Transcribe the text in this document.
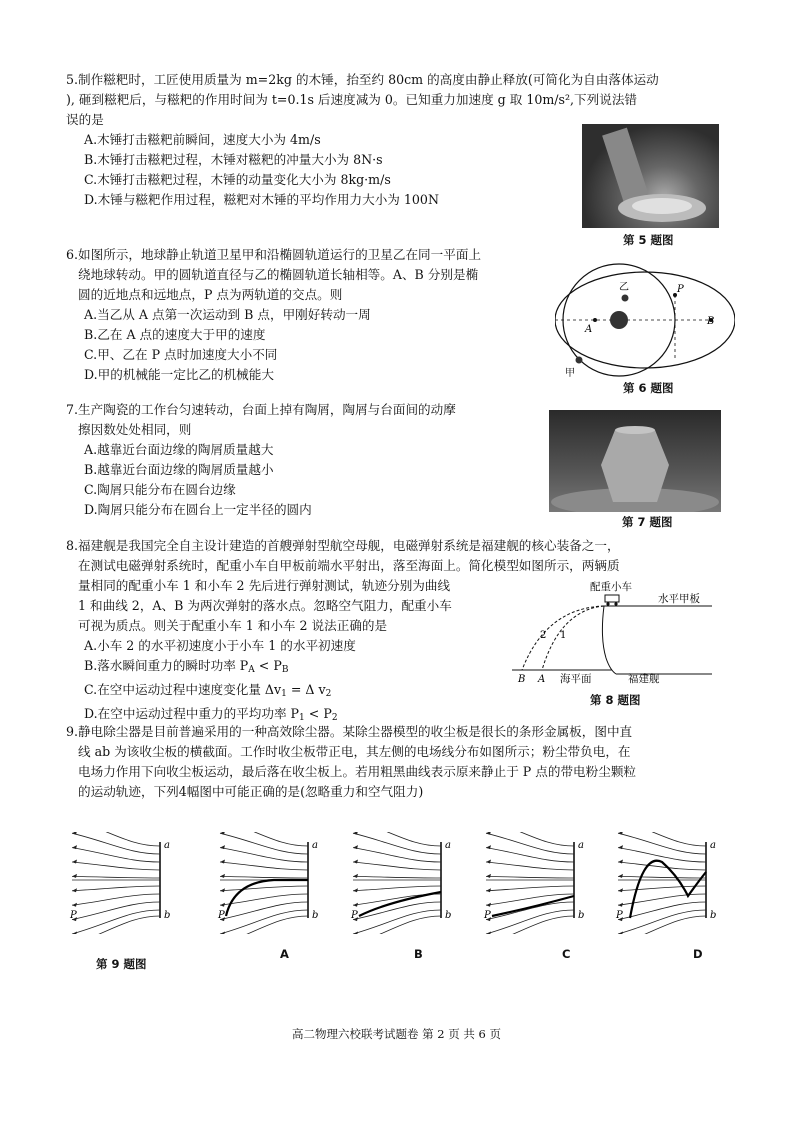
5.制作糍粑时，工匠使用质量为 m=2kg 的木锤，抬至约 80cm 的高度由静止释放(可简化为自由落体运动
), 砸到糍粑后，与糍粑的作用时间为 t=0.1s 后速度减为 0。已知重力加速度 g 取 10m/s²,下列说法错
误的是
A.木锤打击糍粑前瞬间，速度大小为 4m/s
B.木锤打击糍粑过程，木锤对糍粑的冲量大小为 8N·s
C.木锤打击糍粑过程，木锤的动量变化大小为 8kg·m/s
D.木锤与糍粑作用过程，糍粑对木锤的平均作用力大小为 100N
第 5 题图
6.如图所示，地球静止轨道卫星甲和沿椭圆轨道运行的卫星乙在同一平面上
绕地球转动。甲的圆轨道直径与乙的椭圆轨道长轴相等。A、B 分别是椭
圆的近地点和远地点，P 点为两轨道的交点。则
A.当乙从 A 点第一次运动到 B 点，甲刚好转动一周
B.乙在 A 点的速度大于甲的速度
C.甲、乙在 P 点时加速度大小不同
D.甲的机械能一定比乙的机械能大
乙
甲
P
A
B
第 6 题图
7.生产陶瓷的工作台匀速转动，台面上掉有陶屑，陶屑与台面间的动摩
擦因数处处相同，则
A.越靠近台面边缘的陶屑质量越大
B.越靠近台面边缘的陶屑质量越小
C.陶屑只能分布在圆台边缘
D.陶屑只能分布在圆台上一定半径的圆内
第 7 题图
8.福建舰是我国完全自主设计建造的首艘弹射型航空母舰，电磁弹射系统是福建舰的核心装备之一，
在测试电磁弹射系统时，配重小车自甲板前端水平射出，落至海面上。简化模型如图所示，两辆质
量相同的配重小车 1 和小车 2 先后进行弹射测试，轨迹分别为曲线
1 和曲线 2，A、B 为两次弹射的落水点。忽略空气阻力，配重小车
可视为质点。则关于配重小车 1 和小车 2 说法正确的是
A.小车 2 的水平初速度小于小车 1 的水平初速度
B.落水瞬间重力的瞬时功率 $P_A < P_B$
C.在空中运动过程中速度变化量 $\Delta v_1 = \Delta$ $v_2$
D.在空中运动过程中重力的平均功率 $P_1 < P_2$
配重小车
水平甲板
1
2
B A 海平面	福建舰
第 8 题图
9.静电除尘器是目前普遍采用的一种高效除尘器。某除尘器模型的收尘板是很长的条形金属板，图中直
线 ab 为该收尘板的横截面。工作时收尘板带正电，其左侧的电场线分布如图所示；粉尘带负电，在
电场力作用下向收尘板运动，最后落在收尘板上。若用粗黑曲线表示原来静止于 P 点的带电粉尘颗粒
的运动轨迹，下列4幅图中可能正确的是(忽略重力和空气阻力)
a
b
P
a
b
P
a
b
P
a
b
P
a
b
P
第 9 题图
A	B	C	D
高二物理六校联考试题卷 第 2 页 共 6 页
